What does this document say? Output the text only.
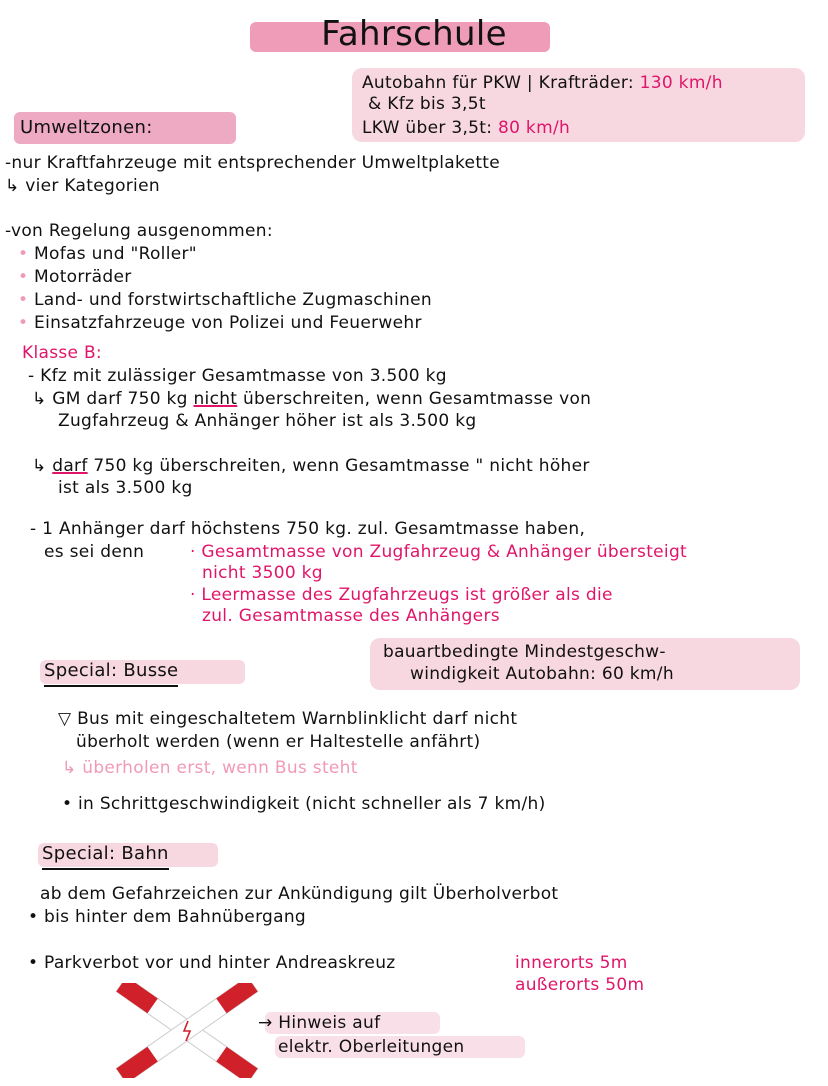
Fahrschule
Autobahn für PKW | Krafträder: 130 km/h
& Kfz bis 3,5t
LKW über 3,5t: 80 km/h
Umweltzonen:
-nur Kraftfahrzeuge mit entsprechender Umweltplakette
↳ vier Kategorien
-von Regelung ausgenommen:
• Mofas und "Roller"
• Motorräder
• Land- und forstwirtschaftliche Zugmaschinen
• Einsatzfahrzeuge von Polizei und Feuerwehr
Klasse B:
- Kfz mit zulässiger Gesamtmasse von 3.500 kg
↳ GM darf 750 kg nicht überschreiten, wenn Gesamtmasse von
Zugfahrzeug & Anhänger höher ist als 3.500 kg
↳ darf 750 kg überschreiten, wenn Gesamtmasse " nicht höher
ist als 3.500 kg
- 1 Anhänger darf höchstens 750 kg. zul. Gesamtmasse haben,
es sei denn	· Gesamtmasse von Zugfahrzeug & Anhänger übersteigt
nicht 3500 kg
· Leermasse des Zugfahrzeugs ist größer als die
zul. Gesamtmasse des Anhängers
Special: Busse
bauartbedingte Mindestgeschw-
windigkeit Autobahn: 60 km/h
▽ Bus mit eingeschaltetem Warnblinklicht darf nicht
überholt werden (wenn er Haltestelle anfährt)
↳ überholen erst, wenn Bus steht
• in Schrittgeschwindigkeit (nicht schneller als 7 km/h)
Special: Bahn
ab dem Gefahrzeichen zur Ankündigung gilt Überholverbot
• bis hinter dem Bahnübergang
• Parkverbot vor und hinter Andreaskreuz	innerorts 5m
außerorts 50m
→ Hinweis auf
elektr. Oberleitungen
